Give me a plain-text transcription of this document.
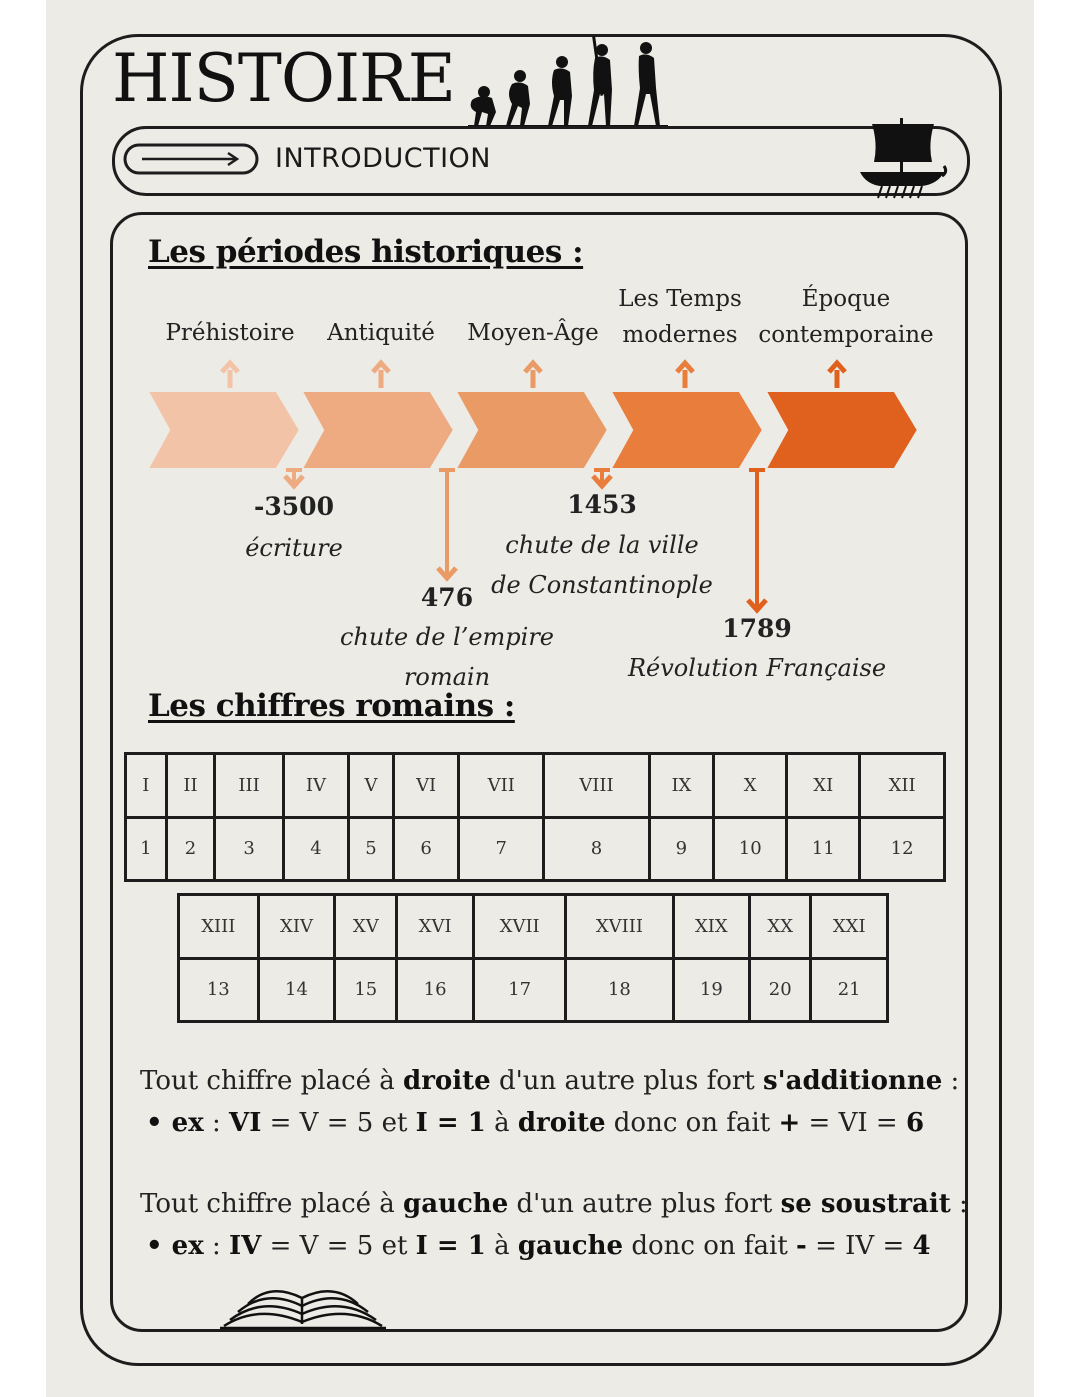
HISTOIRE
INTRODUCTION
Les périodes historiques :
Préhistoire Antiquité Moyen-Âge
Les Temps
modernes
Époque
contemporaine
-3500
écriture
476
chute de l’empire
romain
1453
chute de la ville
de Constantinople
1789
Révolution Française
Les chiffres romains :
I	II	III	IV	V	VI	VII	VIII	IX	X	XI	XII
1	2	3	4	5	6	7	8	9	10	11	12
XIII	XIV	XV	XVI	XVII	XVIII	XIX	XX	XXI
13	14	15	16	17	18	19	20	21
Tout chiffre placé à droite d'un autre plus fort s'additionne :
• ex : VI = V = 5 et I = 1 à droite donc on fait + = VI = 6
Tout chiffre placé à gauche d'un autre plus fort se soustrait :
• ex : IV = V = 5 et I = 1 à gauche donc on fait - = IV = 4
